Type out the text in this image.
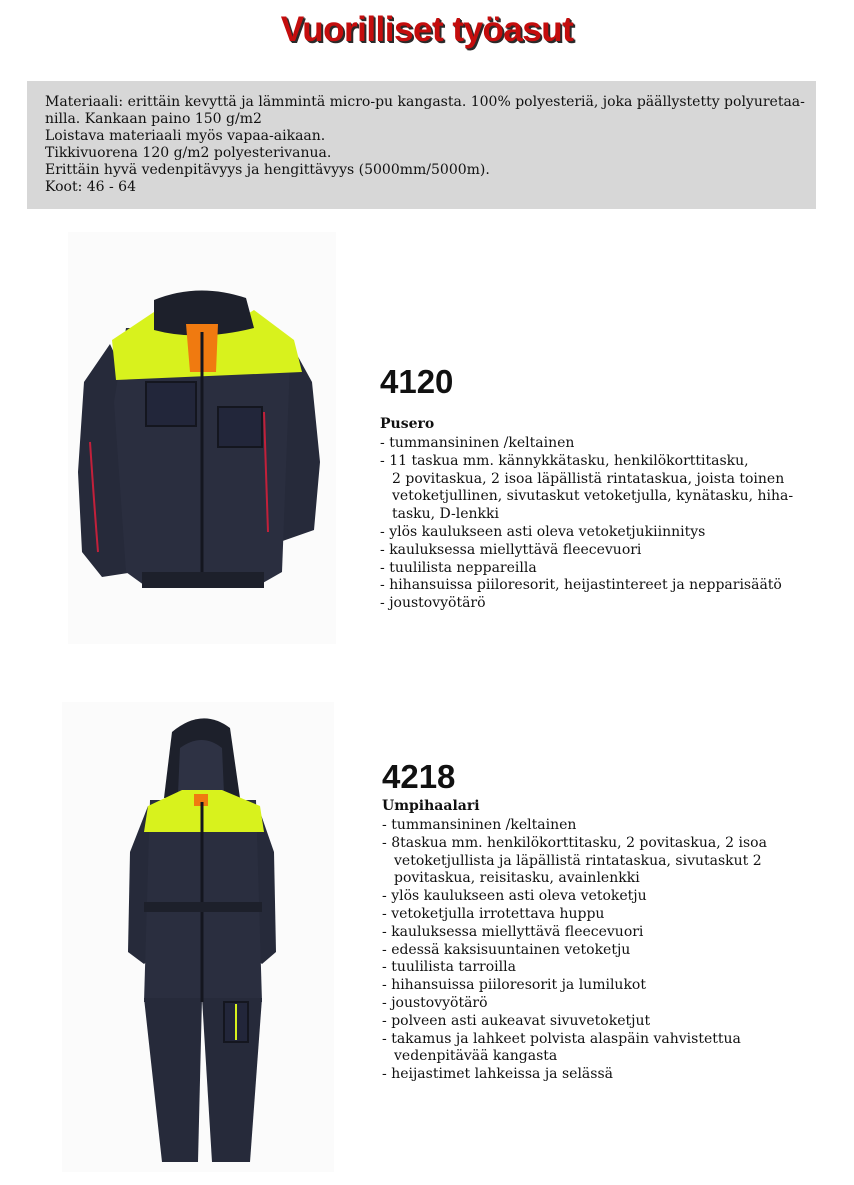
Vuorilliset työasut
Materiaali: erittäin kevyttä ja lämmintä micro-pu kangasta. 100% polyesteriä, joka päällystetty polyuretaa-
nilla. Kankaan paino 150 g/m2
Loistava materiaali myös vapaa-aikaan.
Tikkivuorena 120 g/m2 polyesterivanua.
Erittäin hyvä vedenpitävyys ja hengittävyys (5000mm/5000m).
Koot: 46 - 64
4120
Pusero
- tummansininen /keltainen
- 11 taskua mm. kännykkätasku, henkilökorttitasku,
2 povitaskua, 2 isoa läpällistä rintataskua, joista toinen
vetoketjullinen, sivutaskut vetoketjulla, kynätasku, hiha-
tasku, D-lenkki
- ylös kaulukseen asti oleva vetoketjukiinnitys
- kauluksessa miellyttävä fleecevuori
- tuulilista neppareilla
- hihansuissa piiloresorit, heijastintereet ja nepparisäätö
- joustovyötärö
4218
Umpihaalari
- tummansininen /keltainen
- 8taskua mm. henkilökorttitasku, 2 povitaskua, 2 isoa
vetoketjullista ja läpällistä rintataskua, sivutaskut 2
povitaskua, reisitasku, avainlenkki
- ylös kaulukseen asti oleva vetoketju
- vetoketjulla irrotettava huppu
- kauluksessa miellyttävä fleecevuori
- edessä kaksisuuntainen vetoketju
- tuulilista tarroilla
- hihansuissa piiloresorit ja lumilukot
- joustovyötärö
- polveen asti aukeavat sivuvetoketjut
- takamus ja lahkeet polvista alaspäin vahvistettua
vedenpitävää kangasta
- heijastimet lahkeissa ja selässä
